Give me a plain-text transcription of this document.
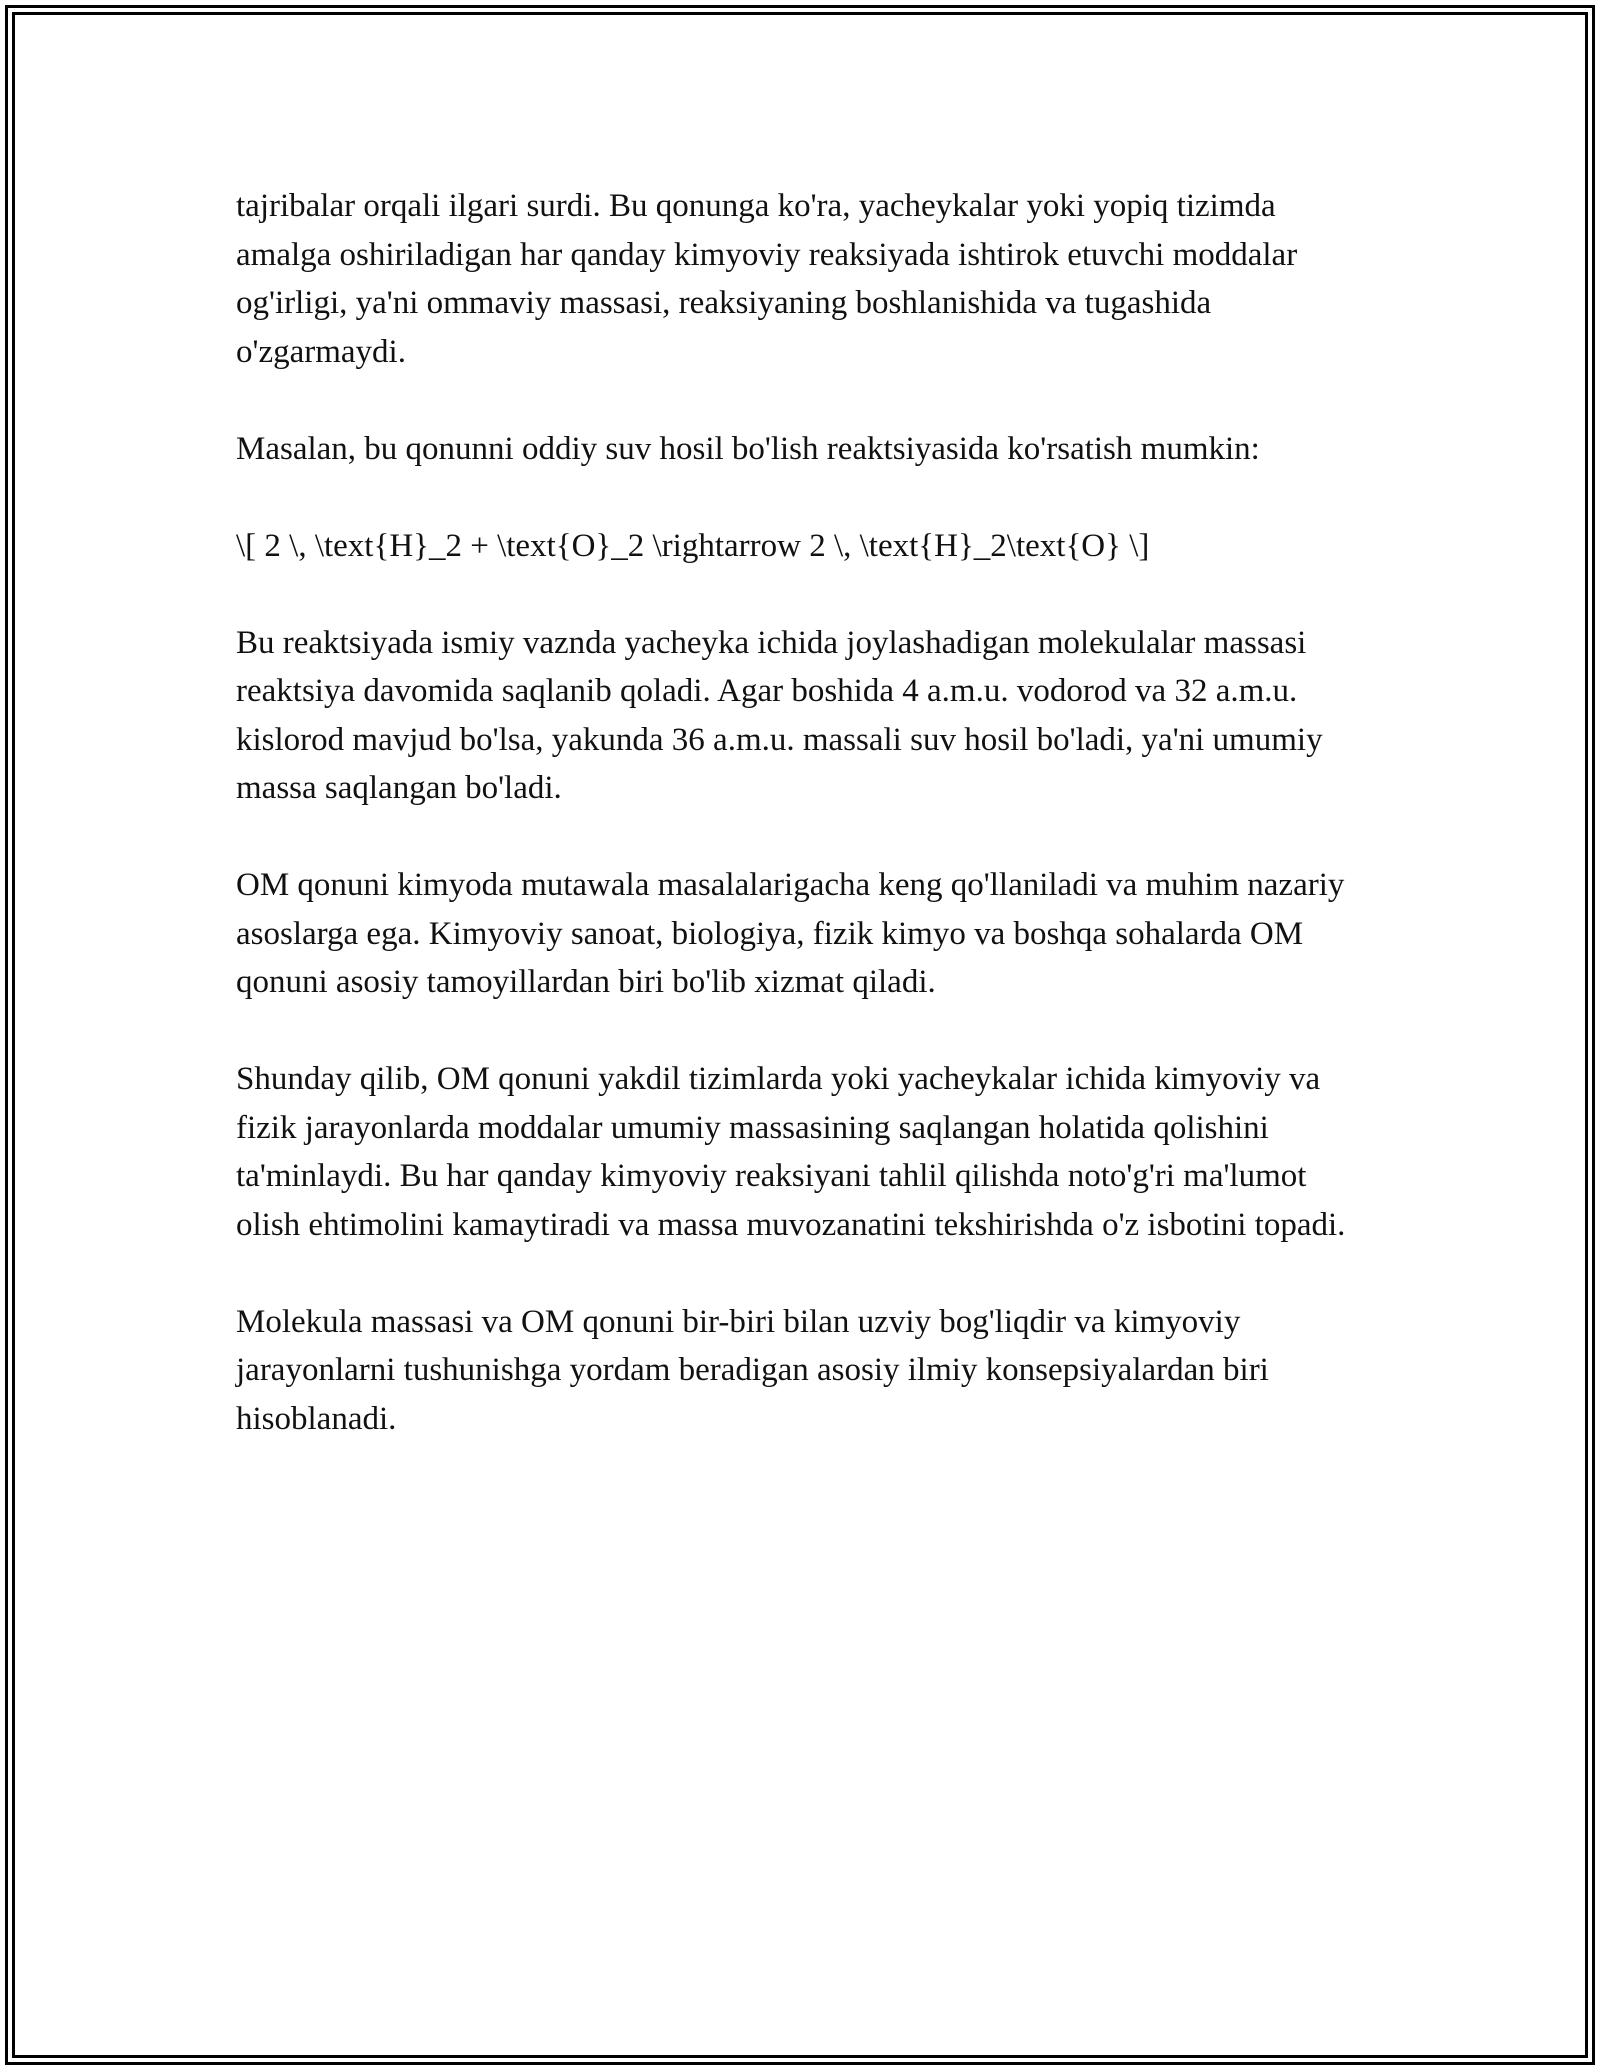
tajribalar orqali ilgari surdi. Bu qonunga ko'ra, yacheykalar yoki yopiq tizimda amalga oshiriladigan har qanday kimyoviy reaksiyada ishtirok etuvchi moddalar og'irligi, ya'ni ommaviy massasi, reaksiyaning boshlanishida va tugashida o'zgarmaydi.

Masalan, bu qonunni oddiy suv hosil bo'lish reaktsiyasida ko'rsatish mumkin:

\[ 2 \, \text{H}_2 + \text{O}_2 \rightarrow 2 \, \text{H}_2\text{O} \]

Bu reaktsiyada ismiy vaznda yacheyka ichida joylashadigan molekulalar massasi reaktsiya davomida saqlanib qoladi. Agar boshida 4 a.m.u. vodorod va 32 a.m.u. kislorod mavjud bo'lsa, yakunda 36 a.m.u. massali suv hosil bo'ladi, ya'ni umumiy massa saqlangan bo'ladi.

OM qonuni kimyoda mutawala masalalarigacha keng qo'llaniladi va muhim nazariy asoslarga ega. Kimyoviy sanoat, biologiya, fizik kimyo va boshqa sohalarda OM qonuni asosiy tamoyillardan biri bo'lib xizmat qiladi.

Shunday qilib, OM qonuni yakdil tizimlarda yoki yacheykalar ichida kimyoviy va fizik jarayonlarda moddalar umumiy massasining saqlangan holatida qolishini ta'minlaydi. Bu har qanday kimyoviy reaksiyani tahlil qilishda noto'g'ri ma'lumot olish ehtimolini kamaytiradi va massa muvozanatini tekshirishda o'z isbotini topadi.

Molekula massasi va OM qonuni bir-biri bilan uzviy bog'liqdir va kimyoviy jarayonlarni tushunishga yordam beradigan asosiy ilmiy konsepsiyalardan biri hisoblanadi.
